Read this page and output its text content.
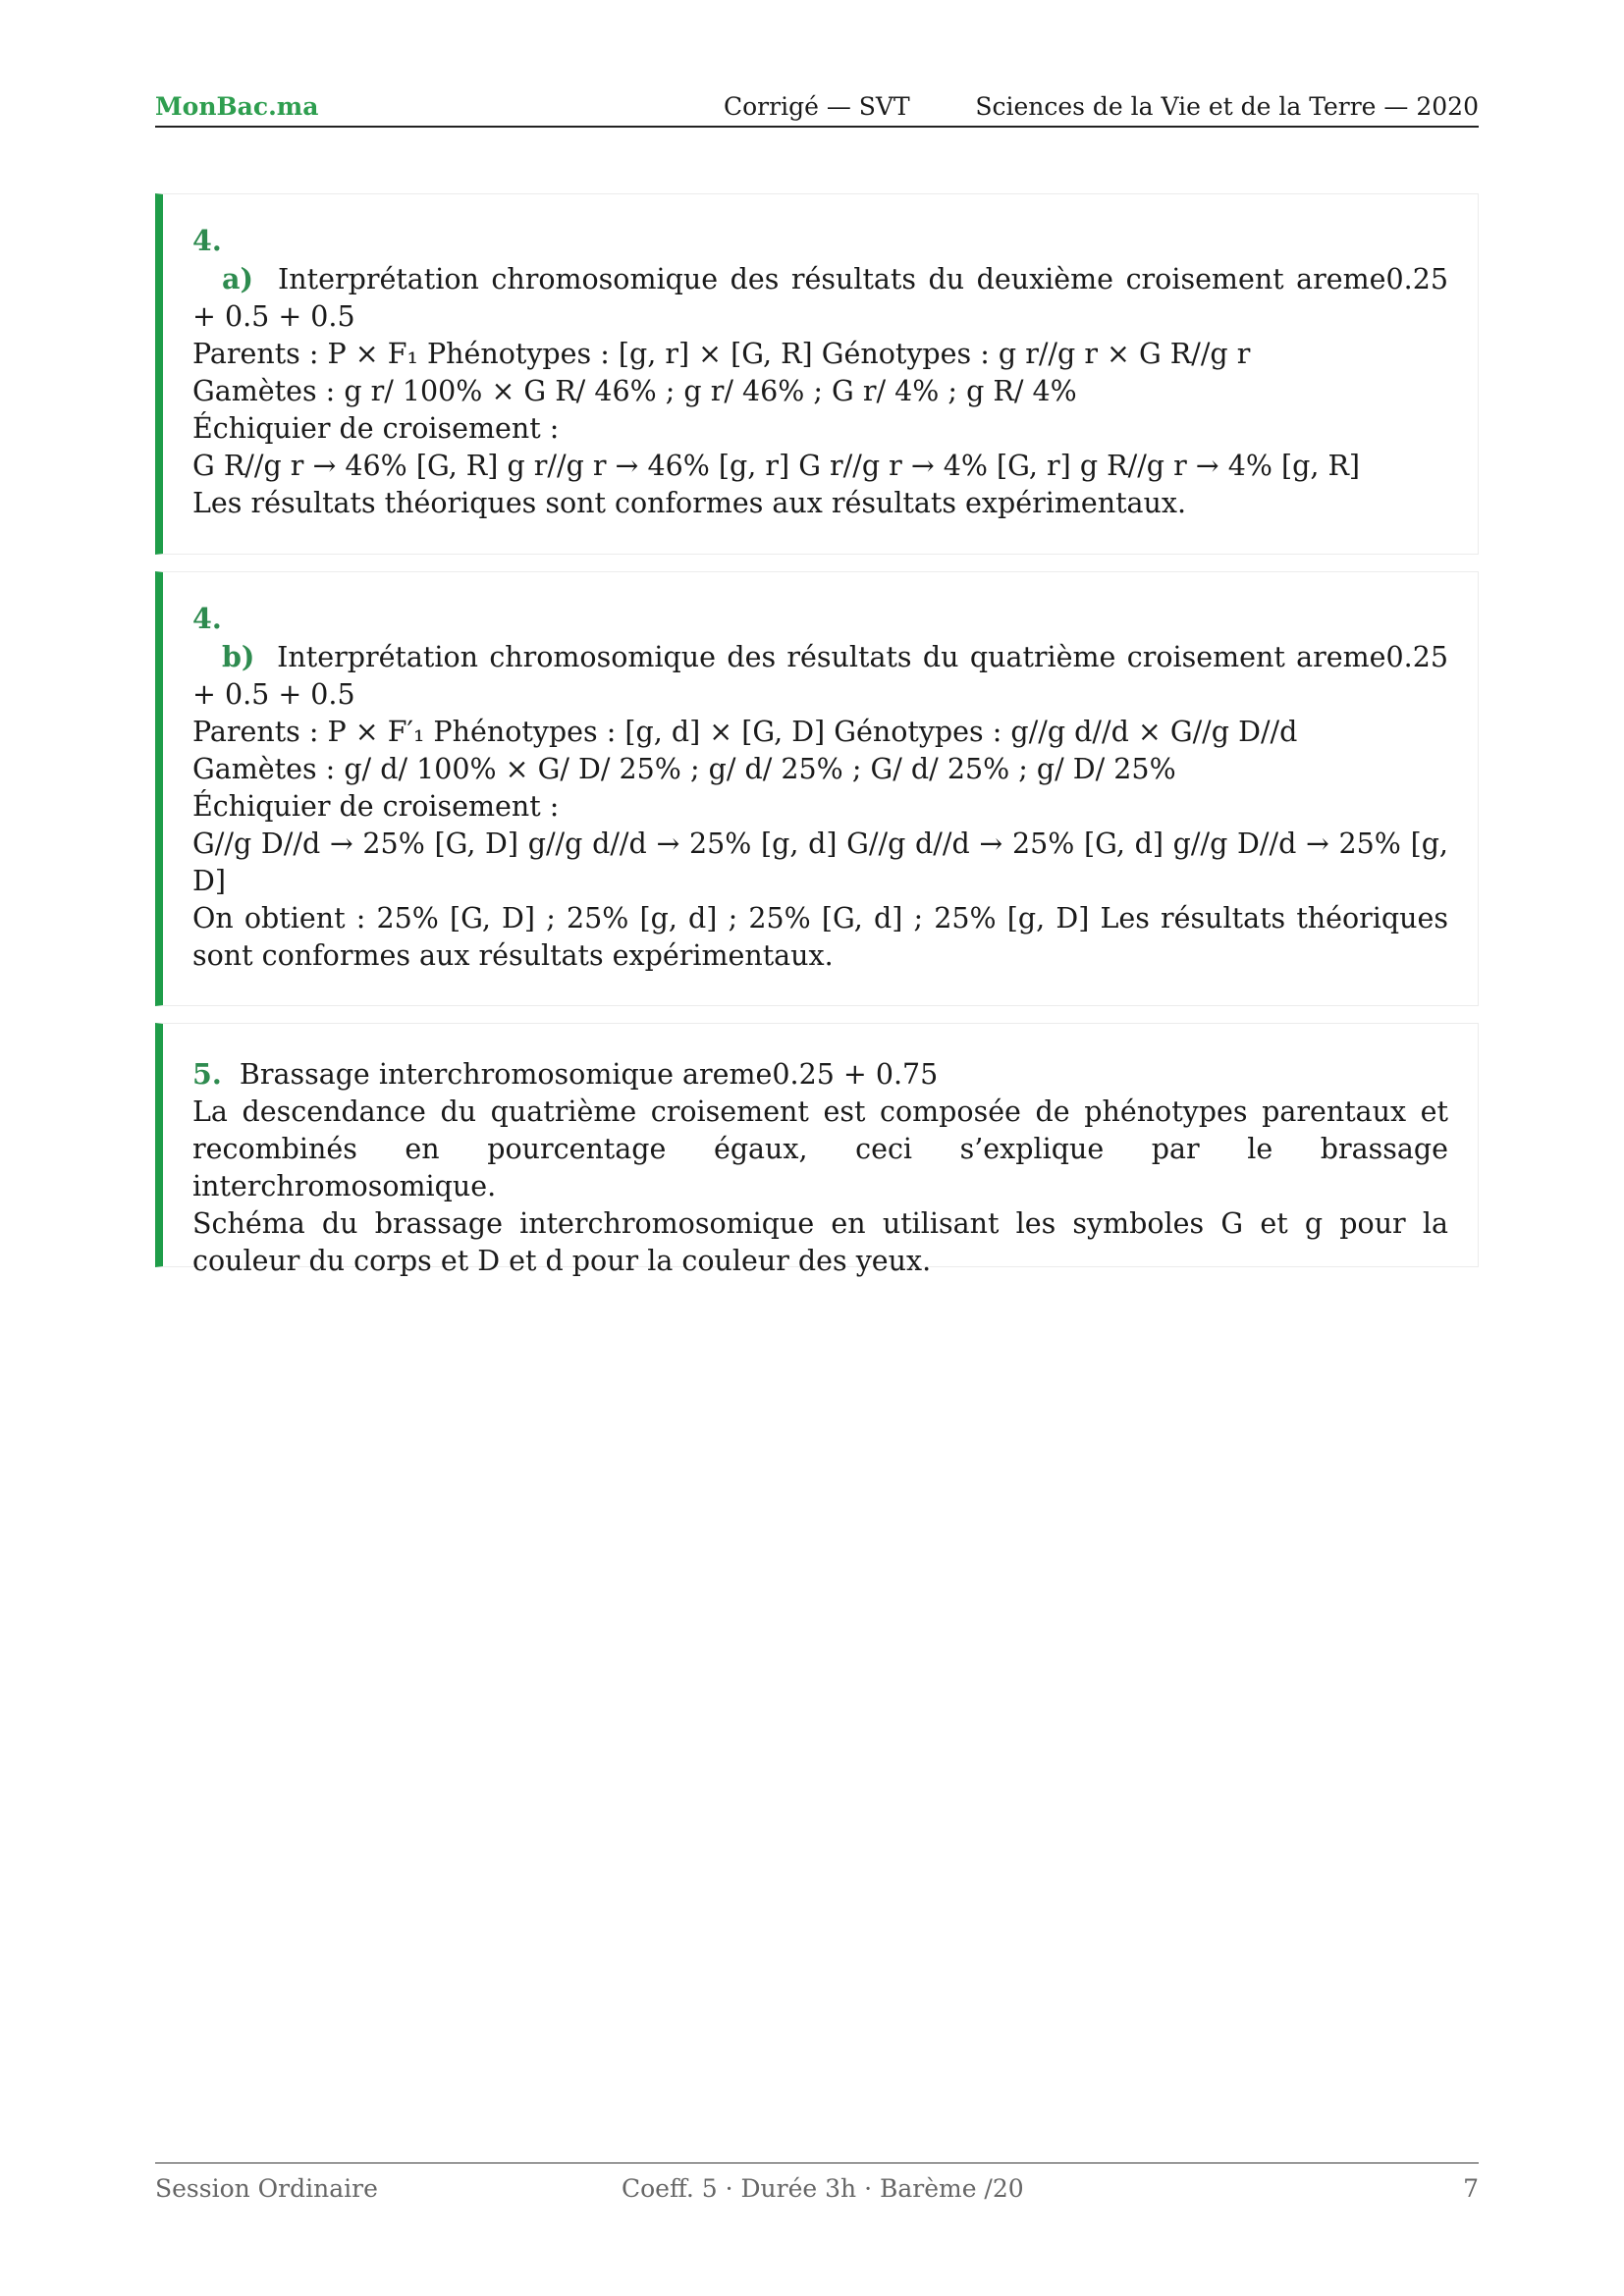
MonBac.ma	Corrigé — SVT	Sciences de la Vie et de la Terre — 2020

4.

a) Interprétation chromosomique des résultats du deuxième croisement areme0.25 + 0.5 + 0.5

Parents : P × F₁ Phénotypes : [g, r] × [G, R] Génotypes : g r//g r × G R//g r

Gamètes : g r/ 100% × G R/ 46% ; g r/ 46% ; G r/ 4% ; g R/ 4%

Échiquier de croisement :

G R//g r → 46% [G, R] g r//g r → 46% [g, r] G r//g r → 4% [G, r] g R//g r → 4% [g, R]

Les résultats théoriques sont conformes aux résultats expérimentaux.

4.

b) Interprétation chromosomique des résultats du quatrième croisement areme0.25 + 0.5 + 0.5

Parents : P × F′₁ Phénotypes : [g, d] × [G, D] Génotypes : g//g d//d × G//g D//d

Gamètes : g/ d/ 100% × G/ D/ 25% ; g/ d/ 25% ; G/ d/ 25% ; g/ D/ 25%

Échiquier de croisement :

G//g D//d → 25% [G, D] g//g d//d → 25% [g, d] G//g d//d → 25% [G, d] g//g D//d → 25% [g, D]

On obtient : 25% [G, D] ; 25% [g, d] ; 25% [G, d] ; 25% [g, D] Les résultats théoriques sont conformes aux résultats expérimentaux.

5. Brassage interchromosomique areme0.25 + 0.75

La descendance du quatrième croisement est composée de phénotypes parentaux et recombinés en pourcentage égaux, ceci s’explique par le brassage interchromosomique.

Schéma du brassage interchromosomique en utilisant les symboles G et g pour la couleur du corps et D et d pour la couleur des yeux.

Session Ordinaire	Coeff. 5 · Durée 3h · Barème /20	7
